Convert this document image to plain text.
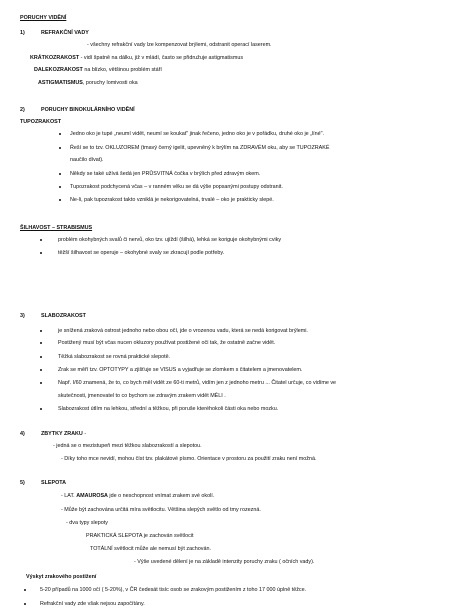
PORUCHY VIDĚNÍ
1)	REFRAKČNÍ VADY
- všechny refrakční vady lze kompenzovat brýlemi, odstranit operací laserem.
KRÁTKOZRAKOST - vidí špatně na dálku, již v mládí, často se přidružuje astigmatismus
DALEKOZRAKOST na blízko, většinou problém stáří
ASTIGMATISMUS, poruchy lomivosti oka
2)	PORUCHY BINOKULÁRNÍHO VIDĚNÍ
TUPOZRAKOST
Jedno oko je tupé „neumí vidět, neumí se koukat" jinak řečeno, jedno oko je v pořádku, druhé oko je „líné".
Řeší se to tzv. OKLUZOREM (tmavý černý igelit, upevněný k brýlím na ZDRAVÉM oku, aby se TUPOZRAKÉ
naučilo dívat).
Někdy se také užívá šedá jen PRŮSVITNÁ čočka v brýlích před zdravým okem.
Tupozrakost podchycená včas – v ranném věku se dá výše popsanými postupy odstranit.
Ne-li, pak tupozrakost takto vzniklá je nekorigovatelná, trvalé – oko je prakticky slepé.
ŠILHAVOST – STRABISMUS
problém okohybných svalů či nervů, oko tzv. ujíždí (šilhá), lehká se koriguje okohybnými cviky
těžší šilhavost se operuje – okohybné svaly se zkracují podle potřeby.
3)	SLABOZRAKOST
je snížená zraková ostrost jednoho nebo obou očí, jde o vrozenou vadu, která se nedá korigovat brýlemi.
Postižený musí být včas nucen okluzory používat postižené oči tak, že ostatně začne vidět.
Těžká slabozrakost se rovná praktické slepotě.
Zrak se měří tzv. OPTOTYPY a zjišťuje se VISUS a vyjadřuje se zlomkem s čitatelem a jmenovatelem.
Např. I/60 znamená, že to, co bych měl vidět ze 60-ti metrů, vidím jen z jednoho metru ... Čitatel určuje, co vidíme ve
skutečnosti, jmenovatel to co bychom se zdravým zrakem vidět MĚLI .
Slabozrakost útlím na lehkou, střední a těžkou, při poruše kteréhokoli části oka nebo mozku.
4)	ZBYTKY ZRAKU -
- jedná se o mezistupeň mezi těžkou slabozrakostí a slepotou.
- Díky toho mce nevidí, mohou číst tzv. plakátové písmo. Orientace v prostoru za použití zraku není možná.
5)	SLEPOTA
- LAT. AMAUROSA jde o neschopnost vnímat zrakem své okolí.
- Může být zachována určitá míra světlocitu. Většina slepých světlo od tmy rozezná.
- dva typy slepoty
PRAKTICKÁ SLEPOTA je zachován světlocit
TOTÁLNÍ světlocit může ale nemusí být zachován.
- Výše uvedené dělení je na základě intenzity poruchy zraku ( očních vady).
Výskyt zrakového postižení
5-20 případů na 1000 očí ( 5-20%), v ČR čedesát tisíc osob se zrakovým postižením z toho 17 000 úplně těžce.
Refrakční vady zde však nejsou započítány.
